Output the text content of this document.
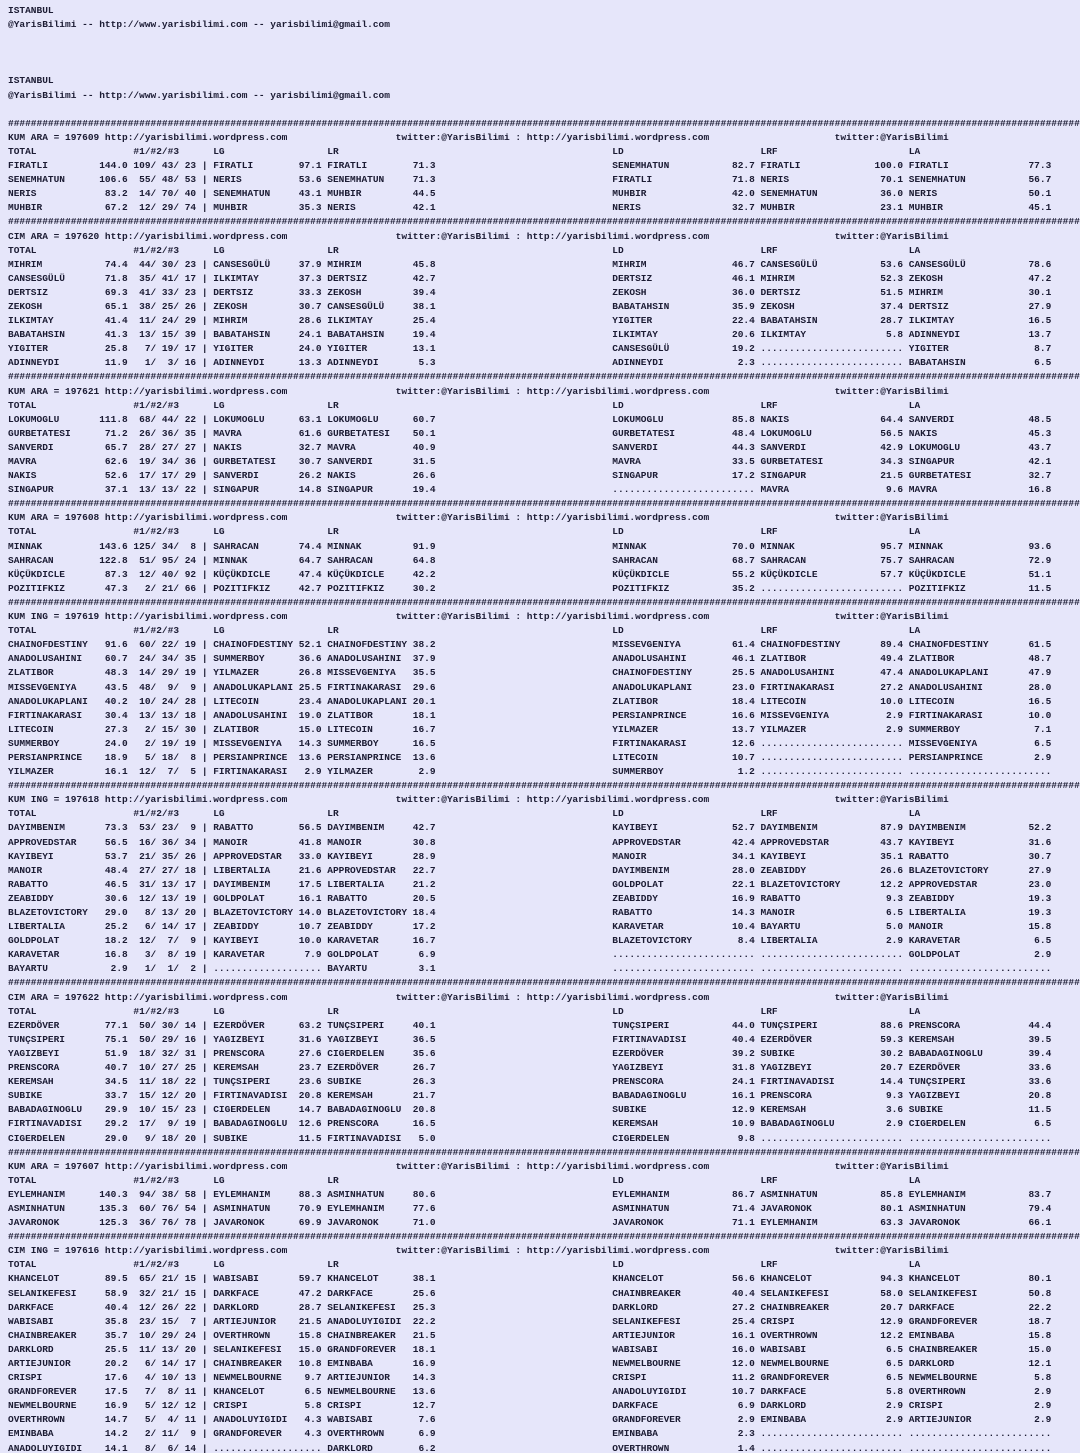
ISTANBUL
@YarisBilimi -- http://www.yarisbilimi.com -- yarisbilimi@gmail.com
ISTANBUL
@YarisBilimi -- http://www.yarisbilimi.com -- yarisbilimi@gmail.com
############################################################################################################################################################################################
KUM ARA = 197609 http://yarisbilimi.wordpress.com                   twitter:@YarisBilimi : http://yarisbilimi.wordpress.com                      twitter:@YarisBilimi
TOTAL                 #1/#2/#3      LG                  LR                                                LD                        LRF                       LA
FIRATLI         144.0 109/ 43/ 23 | FIRATLI        97.1 FIRATLI        71.3                               SENEMHATUN           82.7 FIRATLI             100.0 FIRATLI              77.3
SENEMHATUN      106.6  55/ 48/ 53 | NERIS          53.6 SENEMHATUN     71.3                               FIRATLI              71.8 NERIS                70.1 SENEMHATUN           56.7
NERIS            83.2  14/ 70/ 40 | SENEMHATUN     43.1 MUHBIR         44.5                               MUHBIR               42.0 SENEMHATUN           36.0 NERIS                50.1
MUHBIR           67.2  12/ 29/ 74 | MUHBIR         35.3 NERIS          42.1                               NERIS                32.7 MUHBIR               23.1 MUHBIR               45.1
############################################################################################################################################################################################
CIM ARA = 197620 http://yarisbilimi.wordpress.com                   twitter:@YarisBilimi : http://yarisbilimi.wordpress.com                      twitter:@YarisBilimi
TOTAL                 #1/#2/#3      LG                  LR                                                LD                        LRF                       LA
MIHRIM           74.4  44/ 30/ 23 | CANSESGÜLÜ     37.9 MIHRIM         45.8                               MIHRIM               46.7 CANSESGÜLÜ           53.6 CANSESGÜLÜ           78.6
CANSESGÜLÜ       71.8  35/ 41/ 17 | ILKIMTAY       37.3 DERTSIZ        42.7                               DERTSIZ              46.1 MIHRIM               52.3 ZEKOSH               47.2
DERTSIZ          69.3  41/ 33/ 23 | DERTSIZ        33.3 ZEKOSH         39.4                               ZEKOSH               36.0 DERTSIZ              51.5 MIHRIM               30.1
ZEKOSH           65.1  38/ 25/ 26 | ZEKOSH         30.7 CANSESGÜLÜ     38.1                               BABATAHSIN           35.9 ZEKOSH               37.4 DERTSIZ              27.9
ILKIMTAY         41.4  11/ 24/ 29 | MIHRIM         28.6 ILKIMTAY       25.4                               YIGITER              22.4 BABATAHSIN           28.7 ILKIMTAY             16.5
BABATAHSIN       41.3  13/ 15/ 39 | BABATAHSIN     24.1 BABATAHSIN     19.4                               ILKIMTAY             20.6 ILKIMTAY              5.8 ADINNEYDI            13.7
YIGITER          25.8   7/ 19/ 17 | YIGITER        24.0 YIGITER        13.1                               CANSESGÜLÜ           19.2 ......................... YIGITER               8.7
ADINNEYDI        11.9   1/  3/ 16 | ADINNEYDI      13.3 ADINNEYDI       5.3                               ADINNEYDI             2.3 ......................... BABATAHSIN            6.5
############################################################################################################################################################################################
KUM ARA = 197621 http://yarisbilimi.wordpress.com                   twitter:@YarisBilimi : http://yarisbilimi.wordpress.com                      twitter:@YarisBilimi
TOTAL                 #1/#2/#3      LG                  LR                                                LD                        LRF                       LA
LOKUMOGLU       111.8  68/ 44/ 22 | LOKUMOGLU      63.1 LOKUMOGLU      60.7                               LOKUMOGLU            85.8 NAKIS                64.4 SANVERDI             48.5
GURBETATESI      71.2  26/ 36/ 35 | MAVRA          61.6 GURBETATESI    50.1                               GURBETATESI          48.4 LOKUMOGLU            56.5 NAKIS                45.3
SANVERDI         65.7  28/ 27/ 27 | NAKIS          32.7 MAVRA          40.9                               SANVERDI             44.3 SANVERDI             42.9 LOKUMOGLU            43.7
MAVRA            62.6  19/ 34/ 36 | GURBETATESI    30.7 SANVERDI       31.5                               MAVRA                33.5 GURBETATESI          34.3 SINGAPUR             42.1
NAKIS            52.6  17/ 17/ 29 | SANVERDI       26.2 NAKIS          26.6                               SINGAPUR             17.2 SINGAPUR             21.5 GURBETATESI          32.7
SINGAPUR         37.1  13/ 13/ 22 | SINGAPUR       14.8 SINGAPUR       19.4                               ......................... MAVRA                 9.6 MAVRA                16.8
############################################################################################################################################################################################
KUM ARA = 197608 http://yarisbilimi.wordpress.com                   twitter:@YarisBilimi : http://yarisbilimi.wordpress.com                      twitter:@YarisBilimi
TOTAL                 #1/#2/#3      LG                  LR                                                LD                        LRF                       LA
MINNAK          143.6 125/ 34/  8 | SAHRACAN       74.4 MINNAK         91.9                               MINNAK               70.0 MINNAK               95.7 MINNAK               93.6
SAHRACAN        122.8  51/ 95/ 24 | MINNAK         64.7 SAHRACAN       64.8                               SAHRACAN             68.7 SAHRACAN             75.7 SAHRACAN             72.9
KÜÇÜKDICLE       87.3  12/ 40/ 92 | KÜÇÜKDICLE     47.4 KÜÇÜKDICLE     42.2                               KÜÇÜKDICLE           55.2 KÜÇÜKDICLE           57.7 KÜÇÜKDICLE           51.1
POZITIFKIZ       47.3   2/ 21/ 66 | POZITIFKIZ     42.7 POZITIFKIZ     30.2                               POZITIFKIZ           35.2 ......................... POZITIFKIZ           11.5
############################################################################################################################################################################################
KUM ING = 197619 http://yarisbilimi.wordpress.com                   twitter:@YarisBilimi : http://yarisbilimi.wordpress.com                      twitter:@YarisBilimi
TOTAL                 #1/#2/#3      LG                  LR                                                LD                        LRF                       LA
CHAINOFDESTINY   91.6  60/ 22/ 19 | CHAINOFDESTINY 52.1 CHAINOFDESTINY 38.2                               MISSEVGENIYA         61.4 CHAINOFDESTINY       89.4 CHAINOFDESTINY       61.5
ANADOLUSAHINI    60.7  24/ 34/ 35 | SUMMERBOY      36.6 ANADOLUSAHINI  37.9                               ANADOLUSAHINI        46.1 ZLATIBOR             49.4 ZLATIBOR             48.7
ZLATIBOR         48.3  14/ 29/ 19 | YILMAZER       26.8 MISSEVGENIYA   35.5                               CHAINOFDESTINY       25.5 ANADOLUSAHINI        47.4 ANADOLUKAPLANI       47.9
MISSEVGENIYA     43.5  48/  9/  9 | ANADOLUKAPLANI 25.5 FIRTINAKARASI  29.6                               ANADOLUKAPLANI       23.0 FIRTINAKARASI        27.2 ANADOLUSAHINI        28.0
ANADOLUKAPLANI   40.2  10/ 24/ 28 | LITECOIN       23.4 ANADOLUKAPLANI 20.1                               ZLATIBOR             18.4 LITECOIN             10.0 LITECOIN             16.5
FIRTINAKARASI    30.4  13/ 13/ 18 | ANADOLUSAHINI  19.0 ZLATIBOR       18.1                               PERSIANPRINCE        16.6 MISSEVGENIYA          2.9 FIRTINAKARASI        10.0
LITECOIN         27.3   2/ 15/ 30 | ZLATIBOR       15.0 LITECOIN       16.7                               YILMAZER             13.7 YILMAZER              2.9 SUMMERBOY             7.1
SUMMERBOY        24.0   2/ 19/ 19 | MISSEVGENIYA   14.3 SUMMERBOY      16.5                               FIRTINAKARASI        12.6 ......................... MISSEVGENIYA          6.5
PERSIANPRINCE    18.9   5/ 18/  8 | PERSIANPRINCE  13.6 PERSIANPRINCE  13.6                               LITECOIN             10.7 ......................... PERSIANPRINCE         2.9
YILMAZER         16.1  12/  7/  5 | FIRTINAKARASI   2.9 YILMAZER        2.9                               SUMMERBOY             1.2 ......................... .........................
############################################################################################################################################################################################
KUM ING = 197618 http://yarisbilimi.wordpress.com                   twitter:@YarisBilimi : http://yarisbilimi.wordpress.com                      twitter:@YarisBilimi
TOTAL                 #1/#2/#3      LG                  LR                                                LD                        LRF                       LA
DAYIMBENIM       73.3  53/ 23/  9 | RABATTO        56.5 DAYIMBENIM     42.7                               KAYIBEYI             52.7 DAYIMBENIM           87.9 DAYIMBENIM           52.2
APPROVEDSTAR     56.5  16/ 36/ 34 | MANOIR         41.8 MANOIR         30.8                               APPROVEDSTAR         42.4 APPROVEDSTAR         43.7 KAYIBEYI             31.6
KAYIBEYI         53.7  21/ 35/ 26 | APPROVEDSTAR   33.0 KAYIBEYI       28.9                               MANOIR               34.1 KAYIBEYI             35.1 RABATTO              30.7
MANOIR           48.4  27/ 27/ 18 | LIBERTALIA     21.6 APPROVEDSTAR   22.7                               DAYIMBENIM           28.0 ZEABIDDY             26.6 BLAZETOVICTORY       27.9
RABATTO          46.5  31/ 13/ 17 | DAYIMBENIM     17.5 LIBERTALIA     21.2                               GOLDPOLAT            22.1 BLAZETOVICTORY       12.2 APPROVEDSTAR         23.0
ZEABIDDY         30.6  12/ 13/ 19 | GOLDPOLAT      16.1 RABATTO        20.5                               ZEABIDDY             16.9 RABATTO               9.3 ZEABIDDY             19.3
BLAZETOVICTORY   29.0   8/ 13/ 20 | BLAZETOVICTORY 14.0 BLAZETOVICTORY 18.4                               RABATTO              14.3 MANOIR                6.5 LIBERTALIA           19.3
LIBERTALIA       25.2   6/ 14/ 17 | ZEABIDDY       10.7 ZEABIDDY       17.2                               KARAVETAR            10.4 BAYARTU               5.0 MANOIR               15.8
GOLDPOLAT        18.2  12/  7/  9 | KAYIBEYI       10.0 KARAVETAR      16.7                               BLAZETOVICTORY        8.4 LIBERTALIA            2.9 KARAVETAR             6.5
KARAVETAR        16.8   3/  8/ 19 | KARAVETAR       7.9 GOLDPOLAT       6.9                               ......................... ......................... GOLDPOLAT             2.9
BAYARTU           2.9   1/  1/  2 | ................... BAYARTU         3.1                               ......................... ......................... .........................
############################################################################################################################################################################################
CIM ARA = 197622 http://yarisbilimi.wordpress.com                   twitter:@YarisBilimi : http://yarisbilimi.wordpress.com                      twitter:@YarisBilimi
TOTAL                 #1/#2/#3      LG                  LR                                                LD                        LRF                       LA
EZERDÖVER        77.1  50/ 30/ 14 | EZERDÖVER      63.2 TUNÇSIPERI     40.1                               TUNÇSIPERI           44.0 TUNÇSIPERI           88.6 PRENSCORA            44.4
TUNÇSIPERI       75.1  50/ 29/ 16 | YAGIZBEYI      31.6 YAGIZBEYI      36.5                               FIRTINAVADISI        40.4 EZERDÖVER            59.3 KEREMSAH             39.5
YAGIZBEYI        51.9  18/ 32/ 31 | PRENSCORA      27.6 CIGERDELEN     35.6                               EZERDÖVER            39.2 SUBIKE               30.2 BABADAGINOGLU        39.4
PRENSCORA        40.7  10/ 27/ 25 | KEREMSAH       23.7 EZERDÖVER      26.7                               YAGIZBEYI            31.8 YAGIZBEYI            20.7 EZERDÖVER            33.6
KEREMSAH         34.5  11/ 18/ 22 | TUNÇSIPERI     23.6 SUBIKE         26.3                               PRENSCORA            24.1 FIRTINAVADISI        14.4 TUNÇSIPERI           33.6
SUBIKE           33.7  15/ 12/ 20 | FIRTINAVADISI  20.8 KEREMSAH       21.7                               BABADAGINOGLU        16.1 PRENSCORA             9.3 YAGIZBEYI            20.8
BABADAGINOGLU    29.9  10/ 15/ 23 | CIGERDELEN     14.7 BABADAGINOGLU  20.8                               SUBIKE               12.9 KEREMSAH              3.6 SUBIKE               11.5
FIRTINAVADISI    29.2  17/  9/ 19 | BABADAGINOGLU  12.6 PRENSCORA      16.5                               KEREMSAH             10.9 BABADAGINOGLU         2.9 CIGERDELEN            6.5
CIGERDELEN       29.0   9/ 18/ 20 | SUBIKE         11.5 FIRTINAVADISI   5.0                               CIGERDELEN            9.8 ......................... .........................
############################################################################################################################################################################################
KUM ARA = 197607 http://yarisbilimi.wordpress.com                   twitter:@YarisBilimi : http://yarisbilimi.wordpress.com                      twitter:@YarisBilimi
TOTAL                 #1/#2/#3      LG                  LR                                                LD                        LRF                       LA
EYLEMHANIM      140.3  94/ 38/ 58 | EYLEMHANIM     88.3 ASMINHATUN     80.6                               EYLEMHANIM           86.7 ASMINHATUN           85.8 EYLEMHANIM           83.7
ASMINHATUN      135.3  60/ 76/ 54 | ASMINHATUN     70.9 EYLEMHANIM     77.6                               ASMINHATUN           71.4 JAVARONOK            80.1 ASMINHATUN           79.4
JAVARONOK       125.3  36/ 76/ 78 | JAVARONOK      69.9 JAVARONOK      71.0                               JAVARONOK            71.1 EYLEMHANIM           63.3 JAVARONOK            66.1
############################################################################################################################################################################################
CIM ING = 197616 http://yarisbilimi.wordpress.com                   twitter:@YarisBilimi : http://yarisbilimi.wordpress.com                      twitter:@YarisBilimi
TOTAL                 #1/#2/#3      LG                  LR                                                LD                        LRF                       LA
KHANCELOT        89.5  65/ 21/ 15 | WABISABI       59.7 KHANCELOT      38.1                               KHANCELOT            56.6 KHANCELOT            94.3 KHANCELOT            80.1
SELANIKEFESI     58.9  32/ 21/ 15 | DARKFACE       47.2 DARKFACE       25.6                               CHAINBREAKER         40.4 SELANIKEFESI         58.0 SELANIKEFESI         50.8
DARKFACE         40.4  12/ 26/ 22 | DARKLORD       28.7 SELANIKEFESI   25.3                               DARKLORD             27.2 CHAINBREAKER         20.7 DARKFACE             22.2
WABISABI         35.8  23/ 15/  7 | ARTIEJUNIOR    21.5 ANADOLUYIGIDI  22.2                               SELANIKEFESI         25.4 CRISPI               12.9 GRANDFOREVER         18.7
CHAINBREAKER     35.7  10/ 29/ 24 | OVERTHROWN     15.8 CHAINBREAKER   21.5                               ARTIEJUNIOR          16.1 OVERTHROWN           12.2 EMINBABA             15.8
DARKLORD         25.5  11/ 13/ 20 | SELANIKEFESI   15.0 GRANDFOREVER   18.1                               WABISABI             16.0 WABISABI              6.5 CHAINBREAKER         15.0
ARTIEJUNIOR      20.2   6/ 14/ 17 | CHAINBREAKER   10.8 EMINBABA       16.9                               NEWMELBOURNE         12.0 NEWMELBOURNE          6.5 DARKLORD             12.1
CRISPI           17.6   4/ 10/ 13 | NEWMELBOURNE    9.7 ARTIEJUNIOR    14.3                               CRISPI               11.2 GRANDFOREVER          6.5 NEWMELBOURNE          5.8
GRANDFOREVER     17.5   7/  8/ 11 | KHANCELOT       6.5 NEWMELBOURNE   13.6                               ANADOLUYIGIDI        10.7 DARKFACE              5.8 OVERTHROWN            2.9
NEWMELBOURNE     16.9   5/ 12/ 12 | CRISPI          5.8 CRISPI         12.7                               DARKFACE              6.9 DARKLORD              2.9 CRISPI                2.9
OVERTHROWN       14.7   5/  4/ 11 | ANADOLUYIGIDI   4.3 WABISABI        7.6                               GRANDFOREVER          2.9 EMINBABA              2.9 ARTIEJUNIOR           2.9
EMINBABA         14.2   2/ 11/  9 | GRANDFOREVER    4.3 OVERTHROWN      6.9                               EMINBABA              2.3 ......................... .........................
ANADOLUYIGIDI    14.1   8/  6/ 14 | ................... DARKLORD        6.2                               OVERTHROWN            1.4 ......................... .........................
